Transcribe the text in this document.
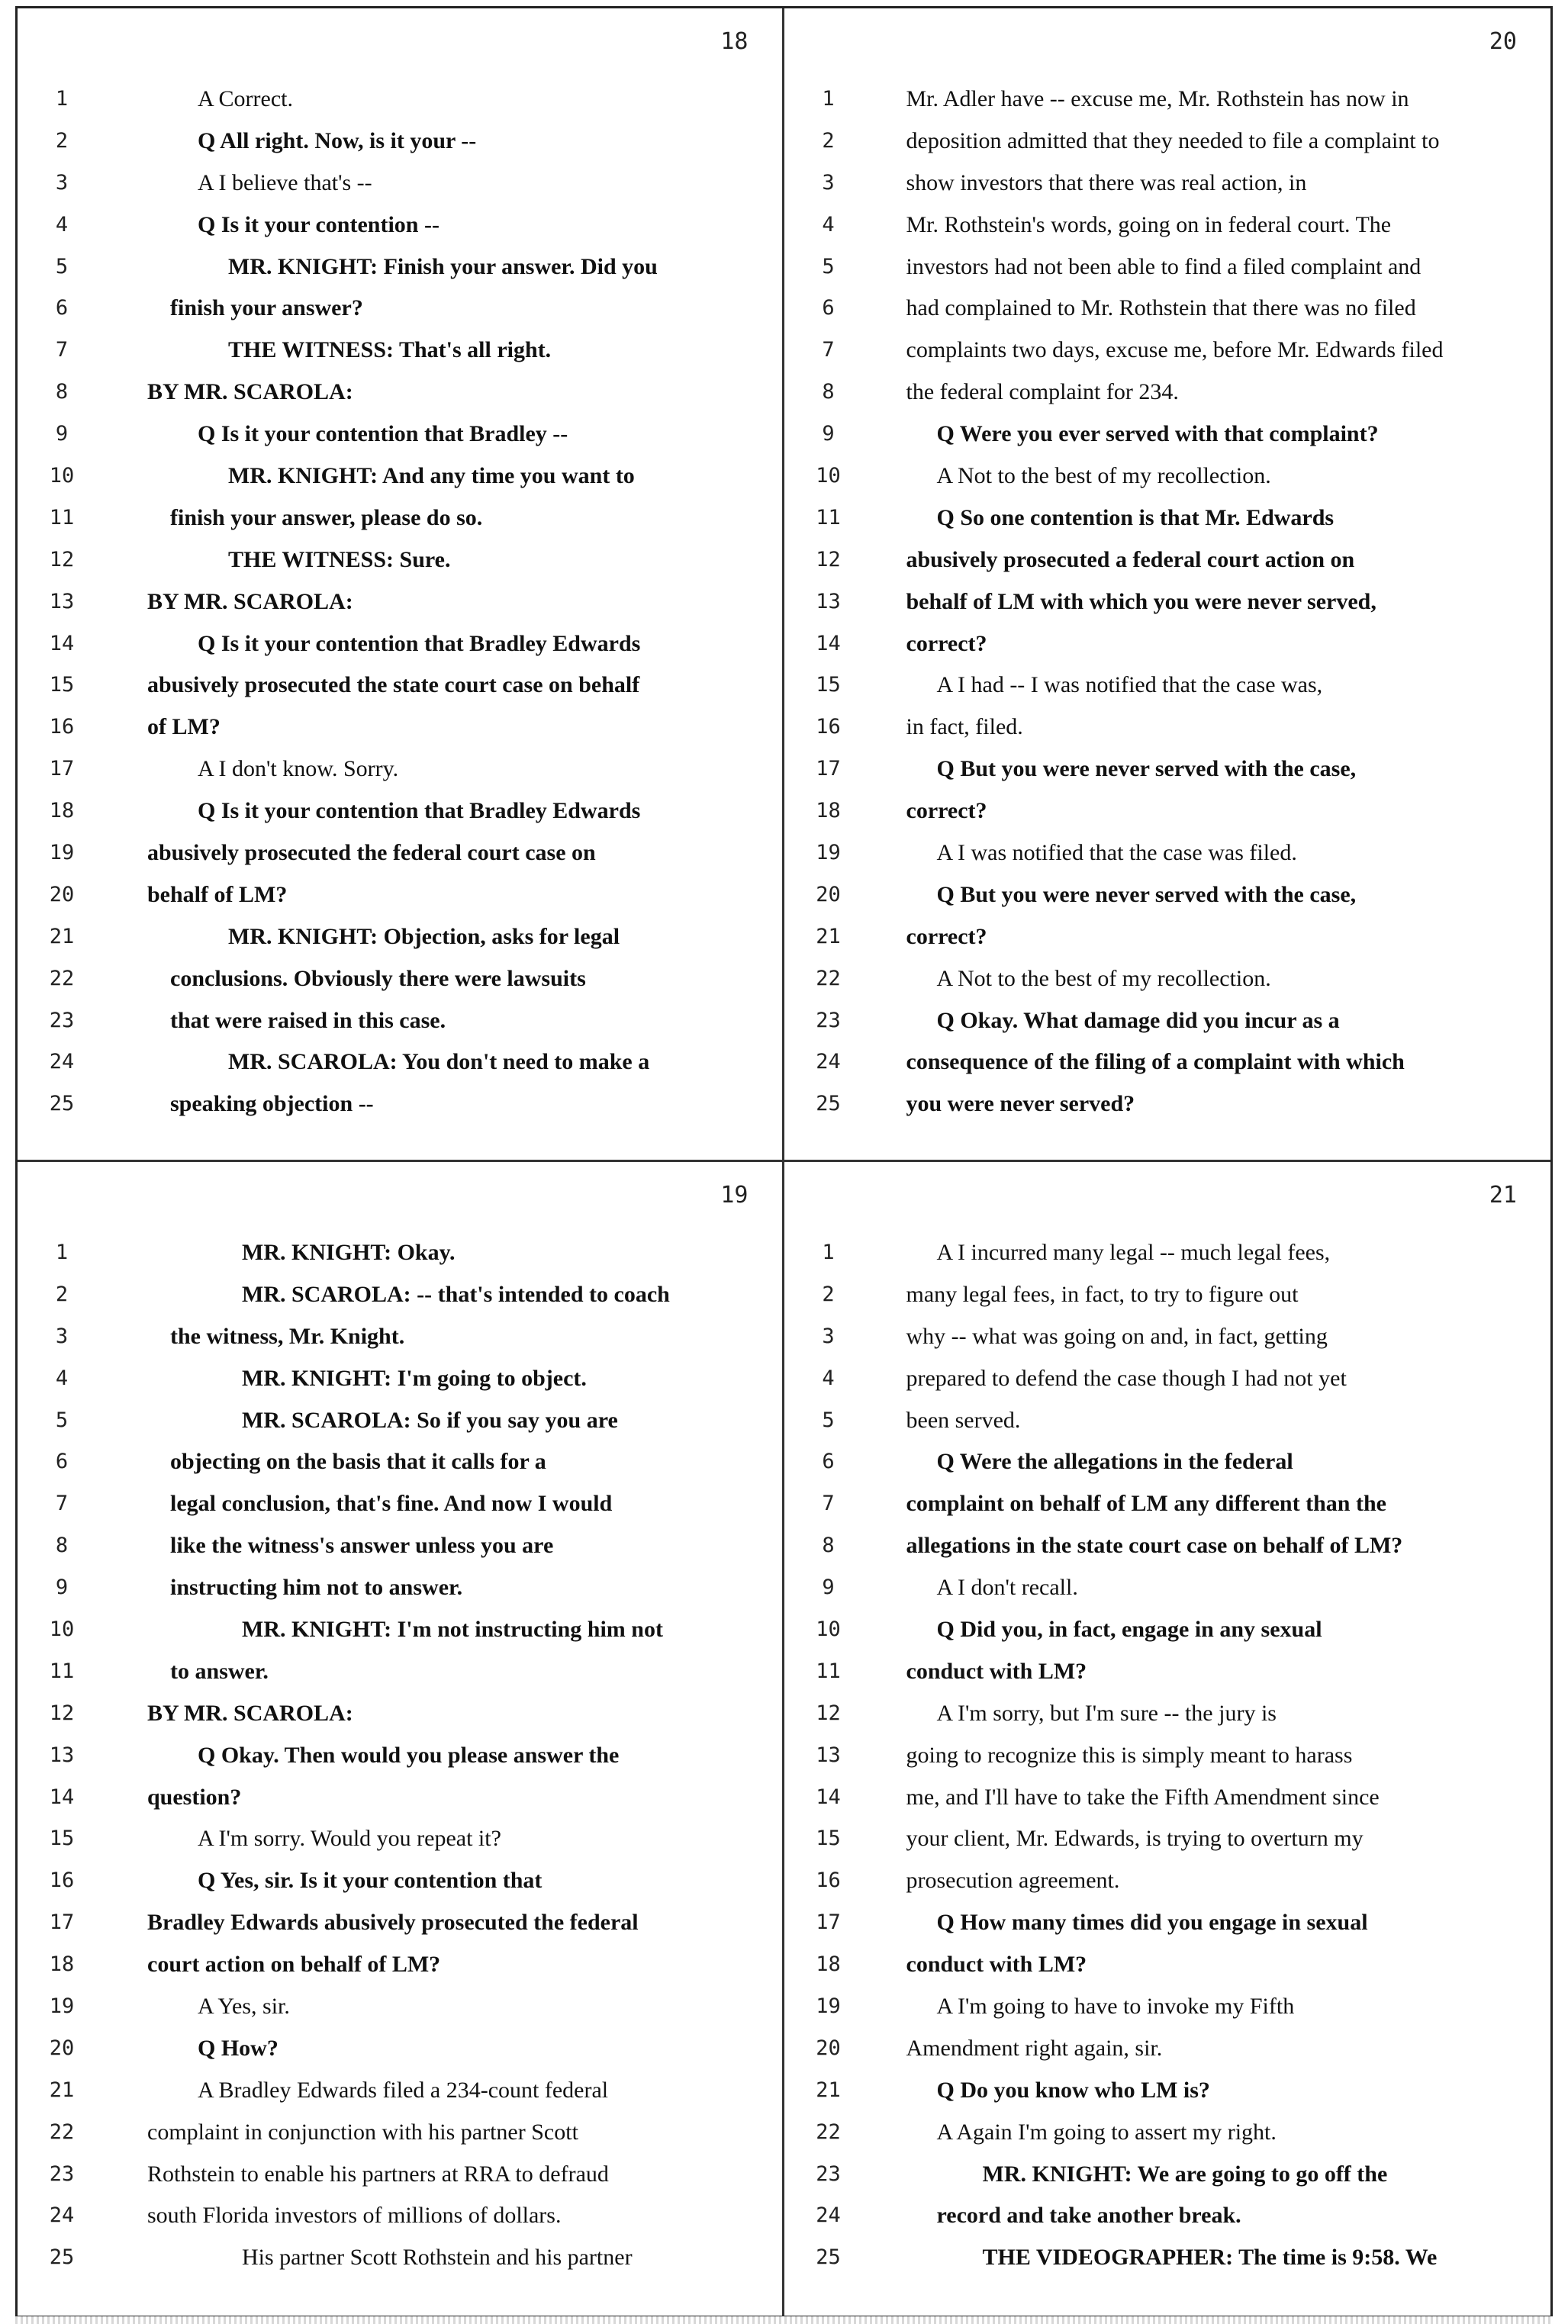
18
1	A Correct.
2	Q All right. Now, is it your --
3	A I believe that's --
4	Q Is it your contention --
5	MR. KNIGHT: Finish your answer. Did you
6	finish your answer?
7	THE WITNESS: That's all right.
8	BY MR. SCAROLA:
9	Q Is it your contention that Bradley --
10	MR. KNIGHT: And any time you want to
11	finish your answer, please do so.
12	THE WITNESS: Sure.
13	BY MR. SCAROLA:
14	Q Is it your contention that Bradley Edwards
15	abusively prosecuted the state court case on behalf
16	of LM?
17	A I don't know. Sorry.
18	Q Is it your contention that Bradley Edwards
19	abusively prosecuted the federal court case on
20	behalf of LM?
21	MR. KNIGHT: Objection, asks for legal
22	conclusions. Obviously there were lawsuits
23	that were raised in this case.
24	MR. SCAROLA: You don't need to make a
25	speaking objection --
20
1	Mr. Adler have -- excuse me, Mr. Rothstein has now in
2	deposition admitted that they needed to file a complaint to
3	show investors that there was real action, in
4	Mr. Rothstein's words, going on in federal court. The
5	investors had not been able to find a filed complaint and
6	had complained to Mr. Rothstein that there was no filed
7	complaints two days, excuse me, before Mr. Edwards filed
8	the federal complaint for 234.
9	Q Were you ever served with that complaint?
10	A Not to the best of my recollection.
11	Q So one contention is that Mr. Edwards
12	abusively prosecuted a federal court action on
13	behalf of LM with which you were never served,
14	correct?
15	A I had -- I was notified that the case was,
16	in fact, filed.
17	Q But you were never served with the case,
18	correct?
19	A I was notified that the case was filed.
20	Q But you were never served with the case,
21	correct?
22	A Not to the best of my recollection.
23	Q Okay. What damage did you incur as a
24	consequence of the filing of a complaint with which
25	you were never served?
19
1	MR. KNIGHT: Okay.
2	MR. SCAROLA: -- that's intended to coach
3	the witness, Mr. Knight.
4	MR. KNIGHT: I'm going to object.
5	MR. SCAROLA: So if you say you are
6	objecting on the basis that it calls for a
7	legal conclusion, that's fine. And now I would
8	like the witness's answer unless you are
9	instructing him not to answer.
10	MR. KNIGHT: I'm not instructing him not
11	to answer.
12	BY MR. SCAROLA:
13	Q Okay. Then would you please answer the
14	question?
15	A I'm sorry. Would you repeat it?
16	Q Yes, sir. Is it your contention that
17	Bradley Edwards abusively prosecuted the federal
18	court action on behalf of LM?
19	A Yes, sir.
20	Q How?
21	A Bradley Edwards filed a 234-count federal
22	complaint in conjunction with his partner Scott
23	Rothstein to enable his partners at RRA to defraud
24	south Florida investors of millions of dollars.
25	His partner Scott Rothstein and his partner
21
1	A I incurred many legal -- much legal fees,
2	many legal fees, in fact, to try to figure out
3	why -- what was going on and, in fact, getting
4	prepared to defend the case though I had not yet
5	been served.
6	Q Were the allegations in the federal
7	complaint on behalf of LM any different than the
8	allegations in the state court case on behalf of LM?
9	A I don't recall.
10	Q Did you, in fact, engage in any sexual
11	conduct with LM?
12	A I'm sorry, but I'm sure -- the jury is
13	going to recognize this is simply meant to harass
14	me, and I'll have to take the Fifth Amendment since
15	your client, Mr. Edwards, is trying to overturn my
16	prosecution agreement.
17	Q How many times did you engage in sexual
18	conduct with LM?
19	A I'm going to have to invoke my Fifth
20	Amendment right again, sir.
21	Q Do you know who LM is?
22	A Again I'm going to assert my right.
23	MR. KNIGHT: We are going to go off the
24	record and take another break.
25	THE VIDEOGRAPHER: The time is 9:58. We
